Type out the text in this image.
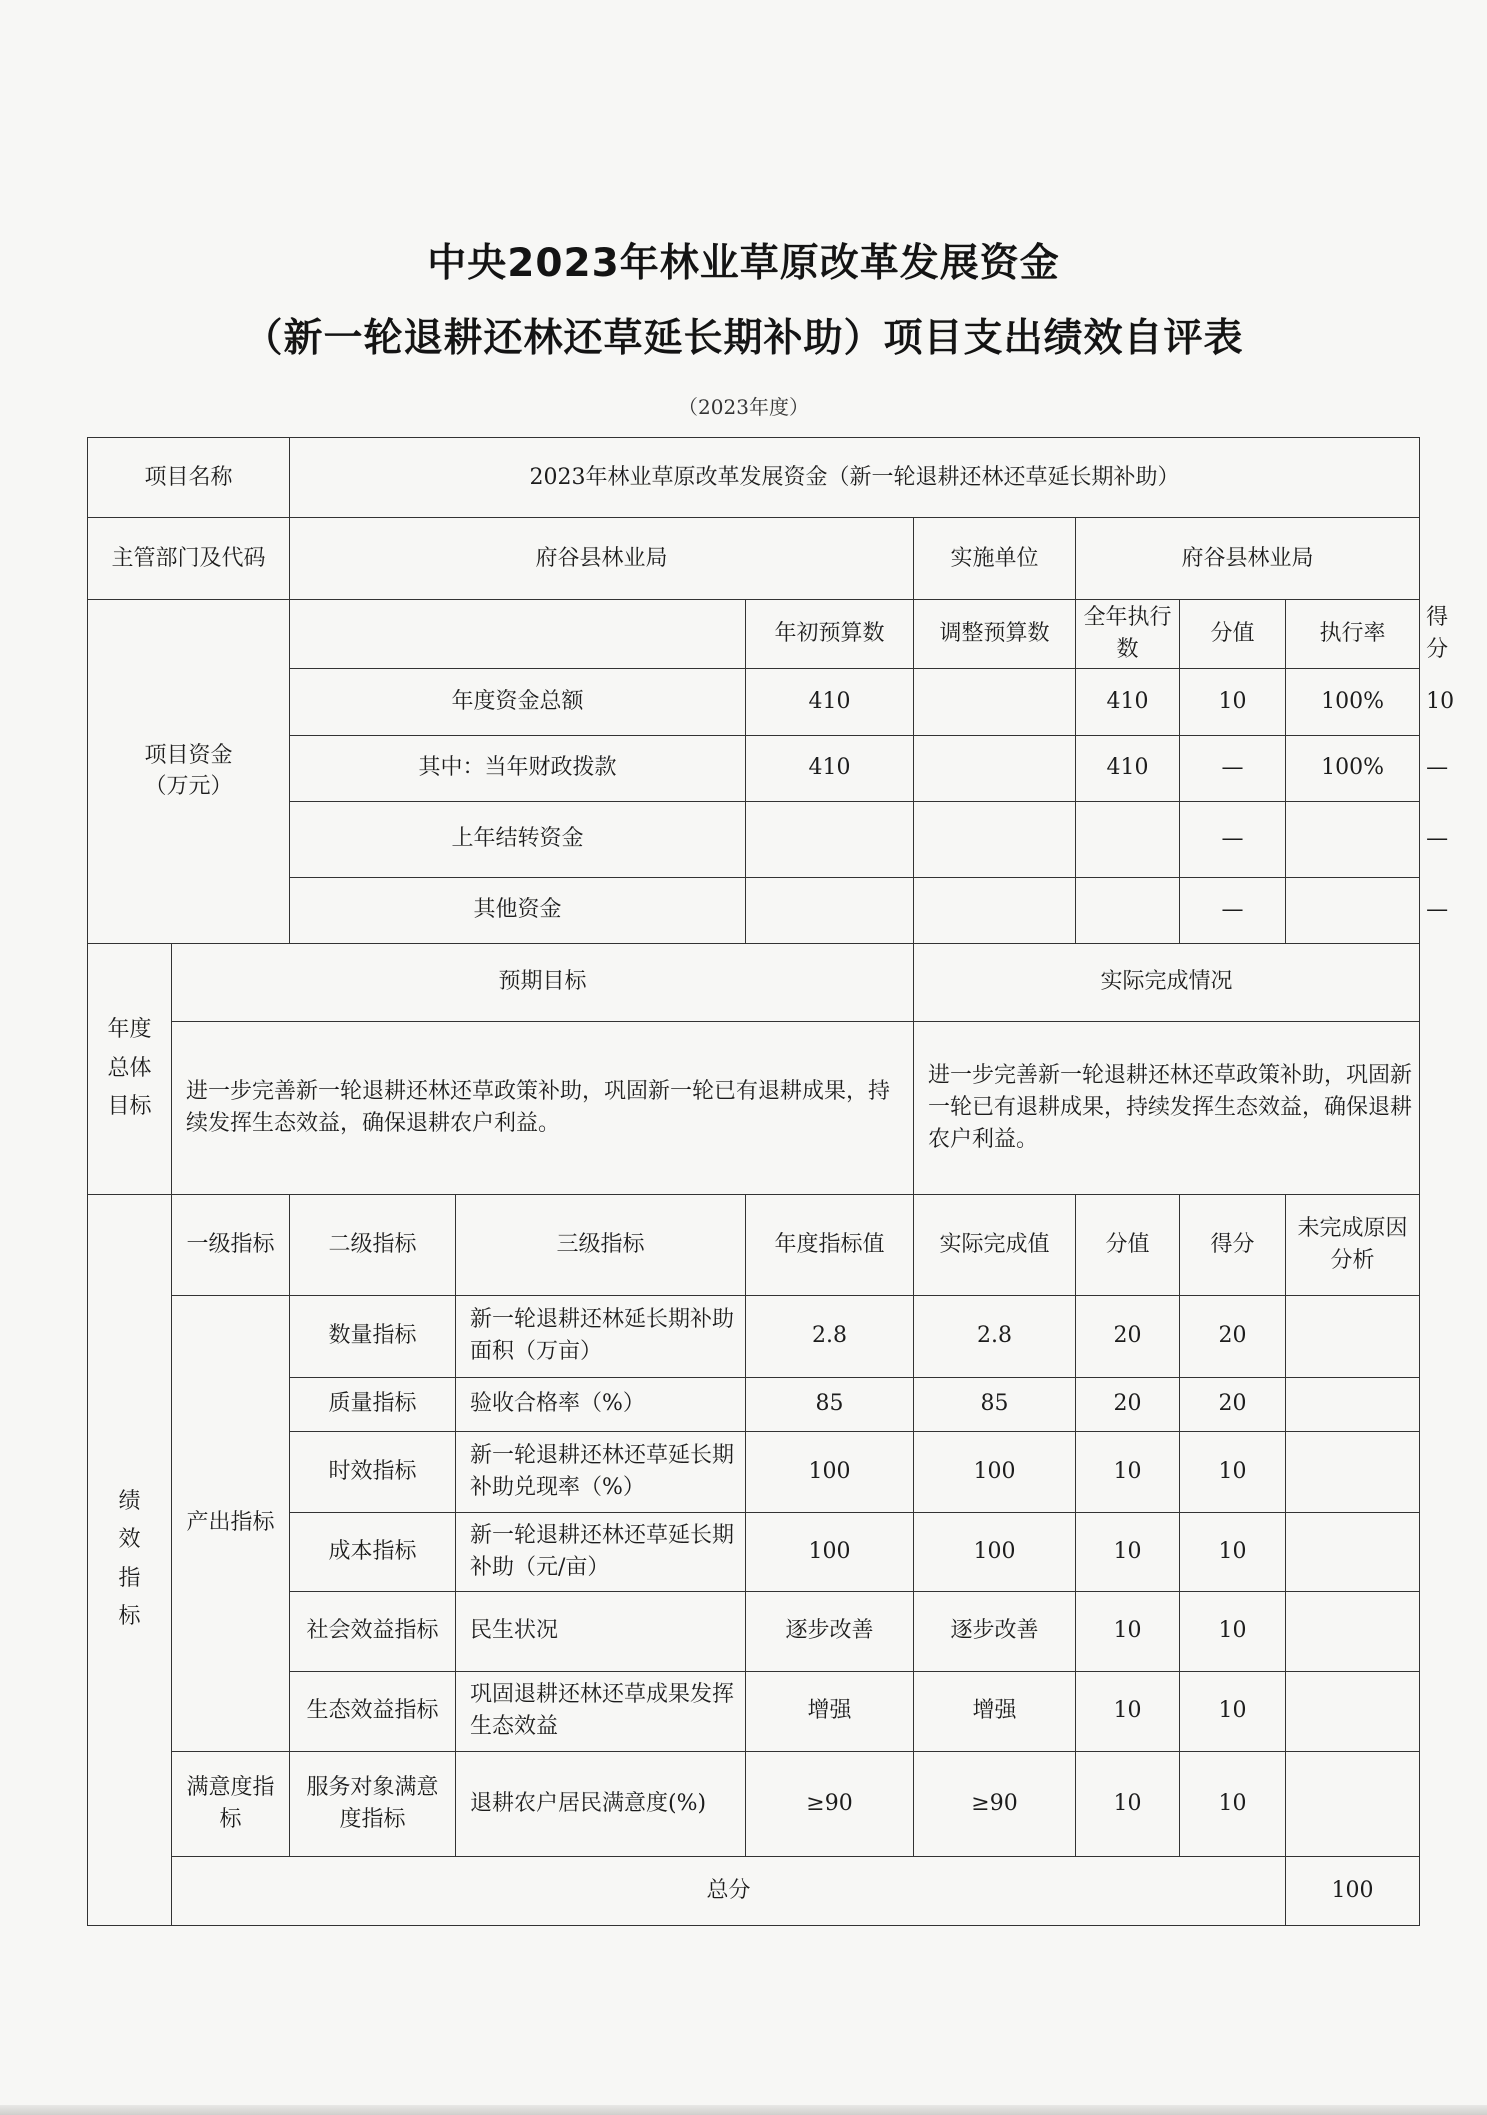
中央2023年林业草原改革发展资金
（新一轮退耕还林还草延长期补助）项目支出绩效自评表
（2023年度）
项目名称		2023年林业草原改革发展资金（新一轮退耕还林还草延长期补助）							
主管部门及代码		府谷县林业局			实施单位	府谷县林业局			
项目资金
（万元）				年初预算数	调整预算数	全年执行数	分值	执行率	得分
		年度资金总额		410		410	10	100%	10
		其中：当年财政拨款		410		410	—	100%	—
		上年结转资金					—		—
		其他资金					—		—
年度
总体
目标	预期目标				实际完成情况				
	进一步完善新一轮退耕还林还草政策补助，巩固新一轮已有退耕成果，持续发挥生态效益，确保退耕农户利益。				进一步完善新一轮退耕还林还草政策补助，巩固新一轮已有退耕成果，持续发挥生态效益，确保退耕农户利益。				
绩
效
指
标	一级指标	二级指标	三级指标	年度指标值	实际完成值	分值	得分	未完成原因分析	
	产出指标	数量指标	新一轮退耕还林延长期补助面积（万亩）	2.8	2.8	20	20		
		质量指标	验收合格率（%）	85	85	20	20		
		时效指标	新一轮退耕还林还草延长期补助兑现率（%）	100	100	10	10		
		成本指标	新一轮退耕还林还草延长期补助（元/亩）	100	100	10	10		
		社会效益指标	民生状况	逐步改善	逐步改善	10	10		
		生态效益指标	巩固退耕还林还草成果发挥生态效益	增强	增强	10	10		
	满意度指标	服务对象满意度指标	退耕农户居民满意度(%)	≥90	≥90	10	10		
	总分							100	
